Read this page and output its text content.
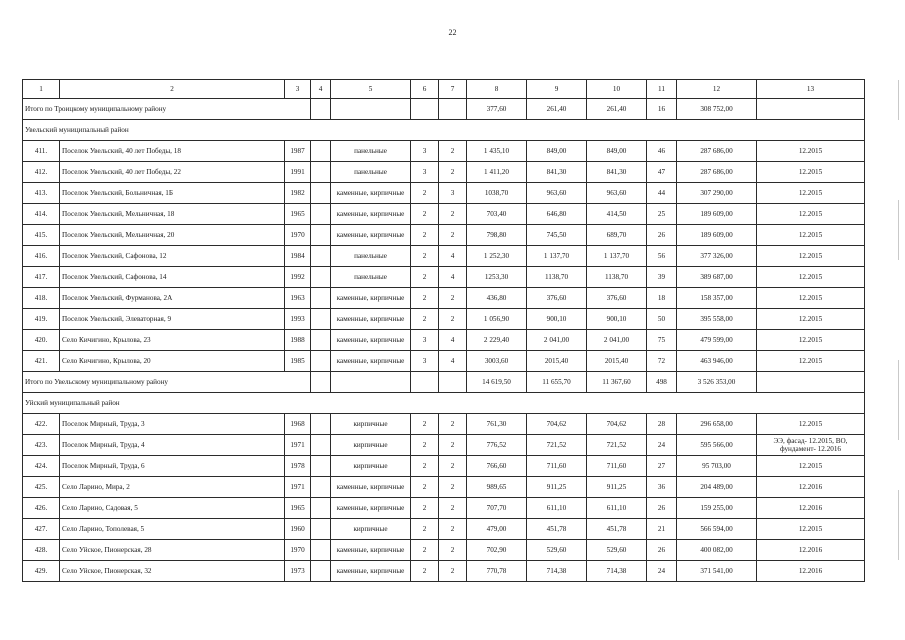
22
1	2	3	4	5	6	7	8	9	10	11	12	13
Итого по Троицкому муниципальному району							377,60	261,40	261,40	16	308 752,00	
Увельский муниципальный район												
411.	Поселок Увельский, 40 лет Победы, 18	1987		панельные	3	2	1 435,10	849,00	849,00	46	287 686,00	12.2015
412.	Поселок Увельский, 40 лет Победы, 22	1991		панельные	3	2	1 411,20	841,30	841,30	47	287 686,00	12.2015
413.	Поселок Увельский, Больничная, 1Б	1982		каменные, кирпичные	2	3	1038,70	963,60	963,60	44	307 290,00	12.2015
414.	Поселок Увельский, Мельничная, 18	1965		каменные, кирпичные	2	2	703,40	646,80	414,50	25	189 609,00	12.2015
415.	Поселок Увельский, Мельничная, 20	1970		каменные, кирпичные	2	2	798,80	745,50	689,70	26	189 609,00	12.2015
416.	Поселок Увельский, Сафонова, 12	1984		панельные	2	4	1 252,30	1 137,70	1 137,70	56	377 326,00	12.2015
417.	Поселок Увельский, Сафонова, 14	1992		панельные	2	4	1253,30	1138,70	1138,70	39	389 687,00	12.2015
418.	Поселок Увельский, Фурманова, 2А	1963		каменные, кирпичные	2	2	436,80	376,60	376,60	18	158 357,00	12.2015
419.	Поселок Увельский, Элеваторная, 9	1993		каменные, кирпичные	2	2	1 056,90	900,10	900,10	50	395 558,00	12.2015
420.	Село Кичигино, Крылова, 23	1988		каменные, кирпичные	3	4	2 229,40	2 041,00	2 041,00	75	479 599,00	12.2015
421.	Село Кичигино, Крылова, 20	1985		каменные, кирпичные	3	4	3003,60	2015,40	2015,40	72	463 946,00	12.2015
Итого по Увельскому муниципальному району							14 619,50	11 655,70	11 367,60	498	3 526 353,00	
Уйский муниципальный район												
422.	Поселок Мирный, Труда, 3	1968		кирпичные	2	2	761,30	704,62	704,62	28	296 658,00	12.2015
423.	Поселок Мирный, Труда, 4	1971		кирпичные	2	2	776,52	721,52	721,52	24	595 566,00	ЭЭ, фасад- 12.2015, ВО, фундамент- 12.2016
424.	Поселок Мирный, Труда, 6	1978		кирпичные	2	2	766,60	711,60	711,60	27	95 703,00	12.2015
425.	Село Ларино, Мира, 2	1971		каменные, кирпичные	2	2	989,65	911,25	911,25	36	204 489,00	12.2016
426.	Село Ларино, Садовая, 5	1965		каменные, кирпичные	2	2	707,70	611,10	611,10	26	159 255,00	12.2016
427.	Село Ларино, Тополевая, 5	1960		кирпичные	2	2	479,00	451,78	451,78	21	566 594,00	12.2015
428.	Село Уйское, Пионерская, 28	1970		каменные, кирпичные	2	2	702,90	529,60	529,60	26	400 082,00	12.2016
429.	Село Уйское, Пионерская, 32	1973		каменные, кирпичные	2	2	770,78	714,38	714,38	24	371 541,00	12.2016
